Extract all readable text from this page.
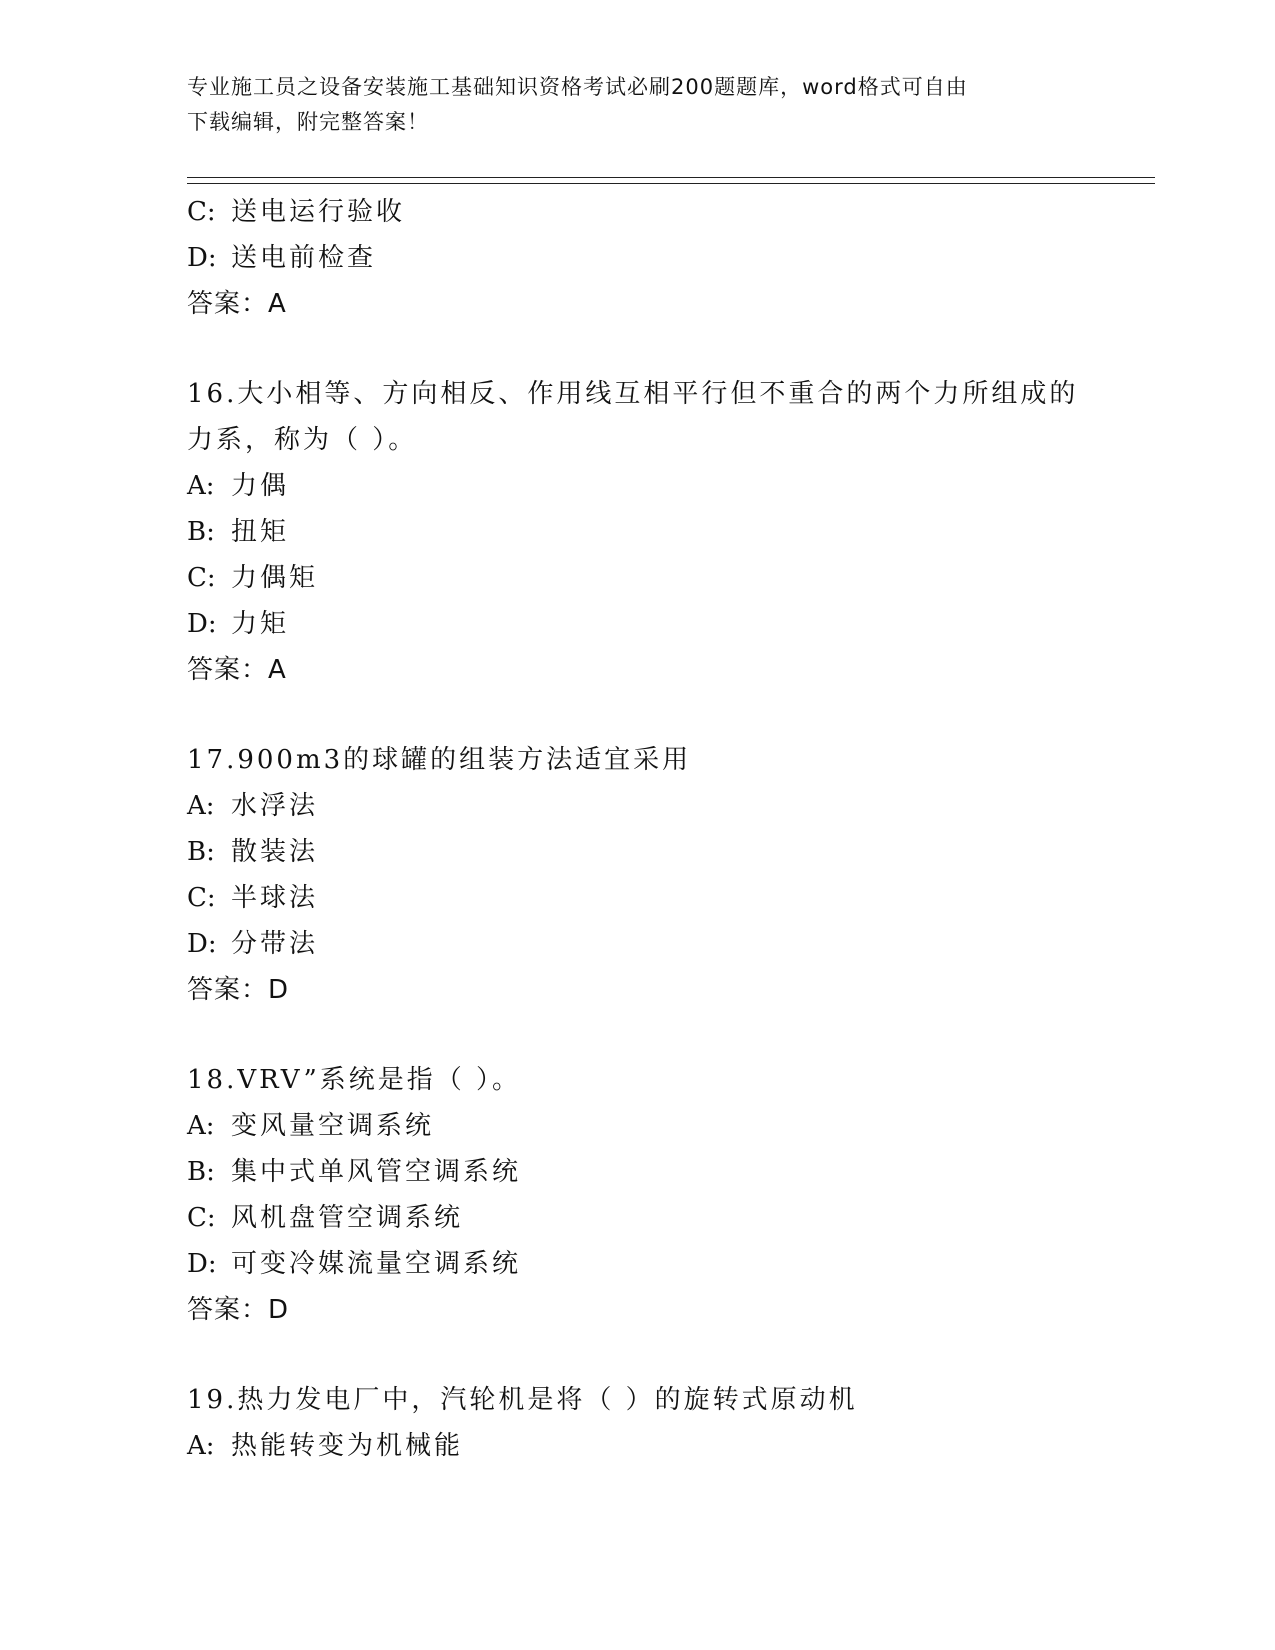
专业施工员之设备安装施工基础知识资格考试必刷200题题库，word格式可自由
下载编辑，附完整答案！
C: 送电运行验收
D: 送电前检查
答案：A
16.大小相等、方向相反、作用线互相平行但不重合的两个力所组成的
力系，称为（ ）。
A: 力偶
B: 扭矩
C: 力偶矩
D: 力矩
答案：A
17.900m3的球罐的组装方法适宜采用
A: 水浮法
B: 散装法
C: 半球法
D: 分带法
答案：D
18.VRV”系统是指（ ）。
A: 变风量空调系统
B: 集中式单风管空调系统
C: 风机盘管空调系统
D: 可变冷媒流量空调系统
答案：D
19.热力发电厂中，汽轮机是将（ ）的旋转式原动机
A: 热能转变为机械能
